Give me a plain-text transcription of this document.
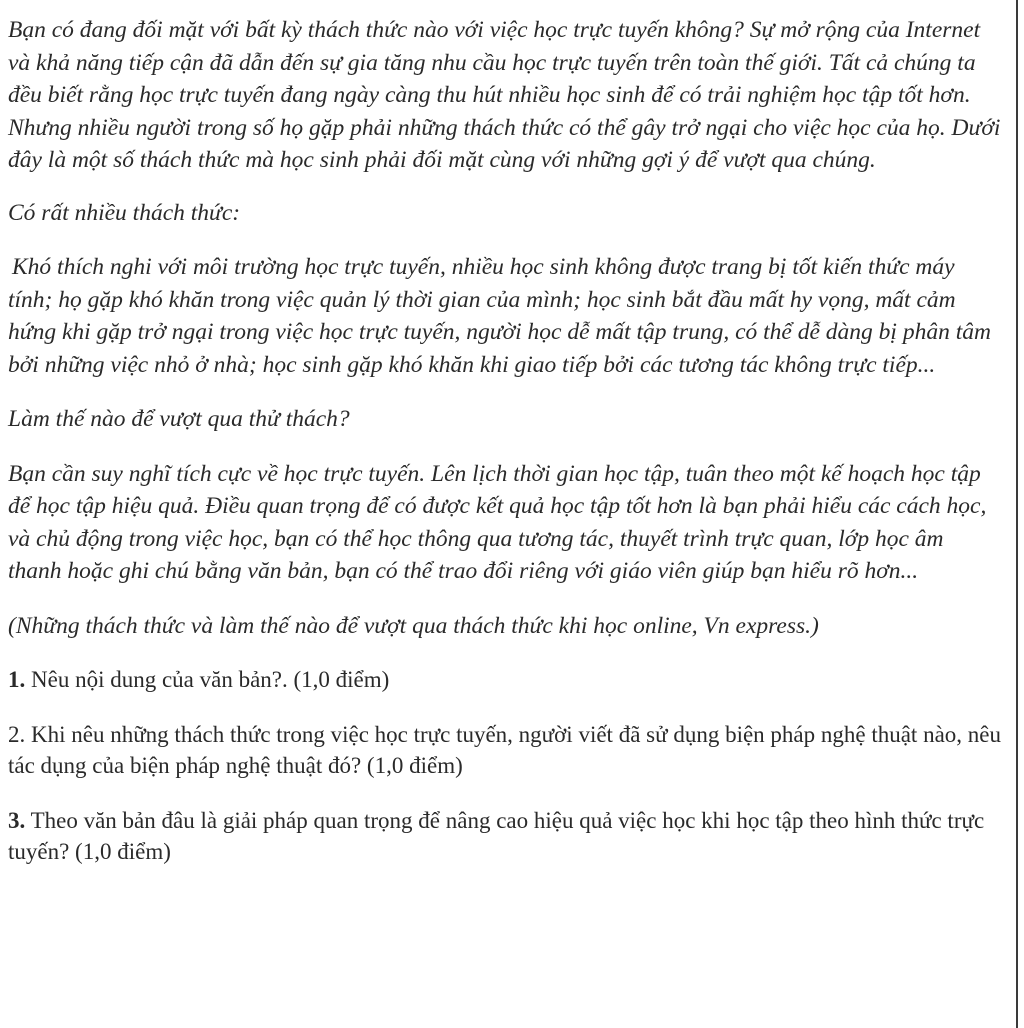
Bạn có đang đối mặt với bất kỳ thách thức nào với việc học trực tuyến không? Sự mở rộng của Internet và khả năng tiếp cận đã dẫn đến sự gia tăng nhu cầu học trực tuyến trên toàn thế giới. Tất cả chúng ta đều biết rằng học trực tuyến đang ngày càng thu hút nhiều học sinh để có trải nghiệm học tập tốt hơn. Nhưng nhiều người trong số họ gặp phải những thách thức có thể gây trở ngại cho việc học của họ. Dưới đây là một số thách thức mà học sinh phải đối mặt cùng với những gợi ý để vượt qua chúng.

Có rất nhiều thách thức:

Khó thích nghi với môi trường học trực tuyến, nhiều học sinh không được trang bị tốt kiến thức máy tính; họ gặp khó khăn trong việc quản lý thời gian của mình; học sinh bắt đầu mất hy vọng, mất cảm hứng khi gặp trở ngại trong việc học trực tuyến, người học dễ mất tập trung, có thể dễ dàng bị phân tâm bởi những việc nhỏ ở nhà; học sinh gặp khó khăn khi giao tiếp bởi các tương tác không trực tiếp...

Làm thế nào để vượt qua thử thách?

Bạn cần suy nghĩ tích cực về học trực tuyến. Lên lịch thời gian học tập, tuân theo một kế hoạch học tập để học tập hiệu quả. Điều quan trọng để có được kết quả học tập tốt hơn là bạn phải hiểu các cách học, và chủ động trong việc học, bạn có thể học thông qua tương tác, thuyết trình trực quan, lớp học âm thanh hoặc ghi chú bằng văn bản, bạn có thể trao đổi riêng với giáo viên giúp bạn hiểu rõ hơn...

(Những thách thức và làm thế nào để vượt qua thách thức khi học online, Vn express.)

1. Nêu nội dung của văn bản?. (1,0 điểm)

2. Khi nêu những thách thức trong việc học trực tuyến, người viết đã sử dụng biện pháp nghệ thuật nào, nêu tác dụng của biện pháp nghệ thuật đó? (1,0 điểm)

3. Theo văn bản đâu là giải pháp quan trọng để nâng cao hiệu quả việc học khi học tập theo hình thức trực tuyến? (1,0 điểm)
